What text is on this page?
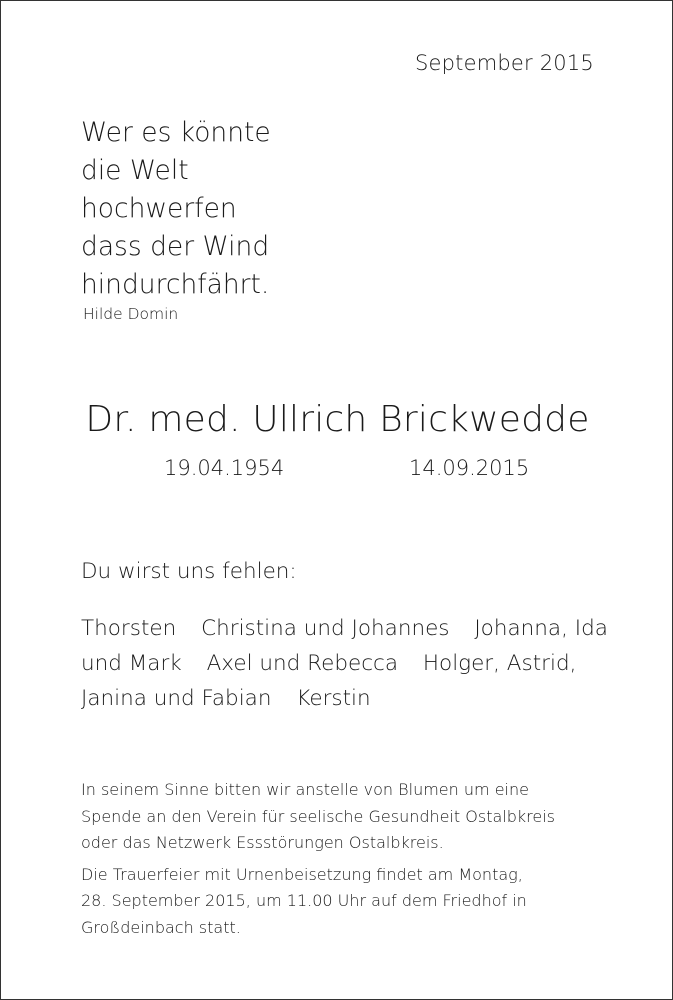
September 2015
Wer es könnte
die Welt
hochwerfen
dass der Wind
hindurchfährt.
Hilde Domin
Dr. med. Ullrich Brickwedde
19.04.1954	14.09.2015
Du wirst uns fehlen:
Thorsten Christina und Johannes Johanna, Ida
und Mark Axel und Rebecca Holger, Astrid,
Janina und Fabian Kerstin
In seinem Sinne bitten wir anstelle von Blumen um eine
Spende an den Verein für seelische Gesundheit Ostalbkreis
oder das Netzwerk Essstörungen Ostalbkreis.
Die Trauerfeier mit Urnenbeisetzung findet am Montag,
28. September 2015, um 11.00 Uhr auf dem Friedhof in
Großdeinbach statt.
